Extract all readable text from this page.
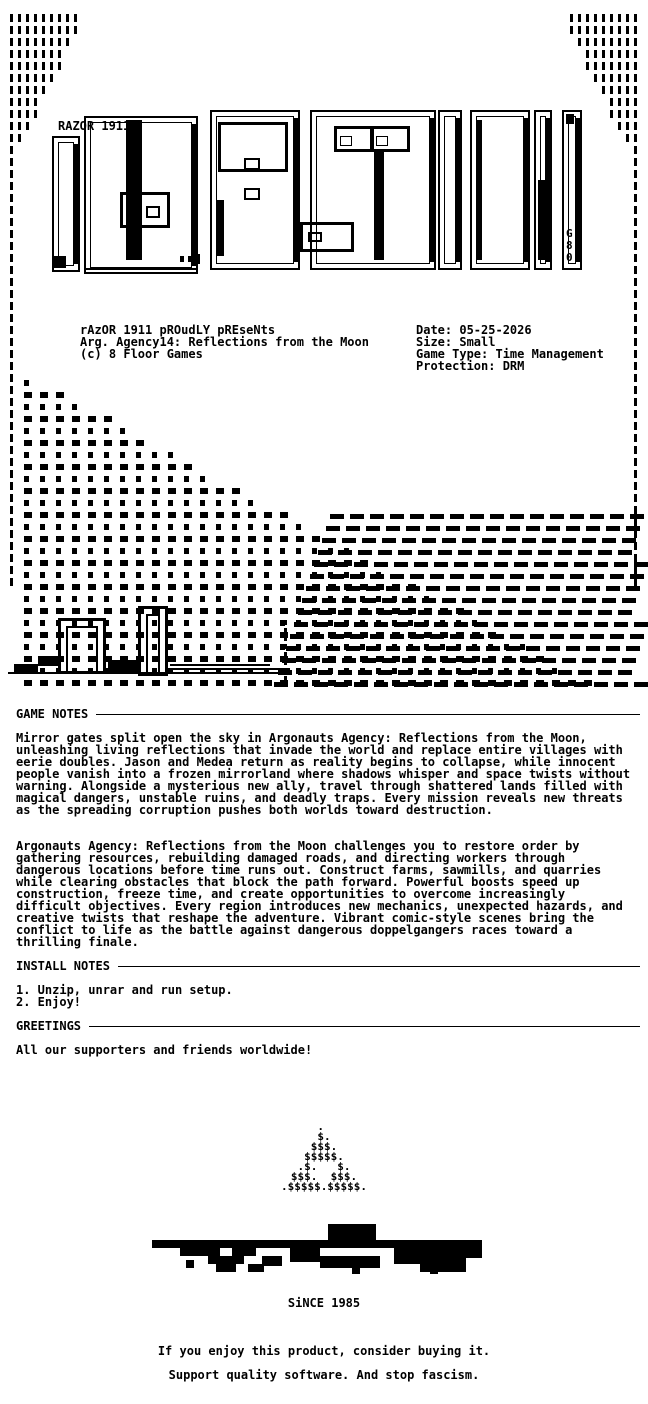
RAZOR 1911
G
8
0
rAzOR 1911 pROudLY pREseNts
Arg. Agency14: Reflections from the Moon
(c) 8 Floor Games
Date: 05-25-2026
Size: Small
Game Type: Time Management
Protection: DRM
GAME NOTES
Mirror gates split open the sky in Argonauts Agency: Reflections from the Moon, unleashing living reflections that invade the world and replace entire villages with eerie doubles. Jason and Medea return as reality begins to collapse, while innocent people vanish into a frozen mirrorland where shadows whisper and space twists without warning. Alongside a mysterious new ally, travel through shattered lands filled with magical dangers, unstable ruins, and deadly traps. Every mission reveals new threats as the spreading corruption pushes both worlds toward destruction.
Argonauts Agency: Reflections from the Moon challenges you to restore order by gathering resources, rebuilding damaged roads, and directing workers through dangerous locations before time runs out. Construct farms, sawmills, and quarries while clearing obstacles that block the path forward. Powerful boosts speed up construction, freeze time, and create opportunities to overcome increasingly difficult objectives. Every region introduces new mechanics, unexpected hazards, and creative twists that reshape the adventure. Vibrant comic-style scenes bring the conflict to life as the battle against dangerous doppelgangers races toward a thrilling finale.
INSTALL NOTES
1. Unzip, unrar and run setup.
2. Enjoy!
GREETINGS
All our supporters and friends worldwide!
.
$.
$$$.
$$$$$.
.$.   $.
$$$.  $$$.
.$$$$$.$$$$$.
SiNCE 1985
If you enjoy this product, consider buying it.
Support quality software. And stop fascism.
